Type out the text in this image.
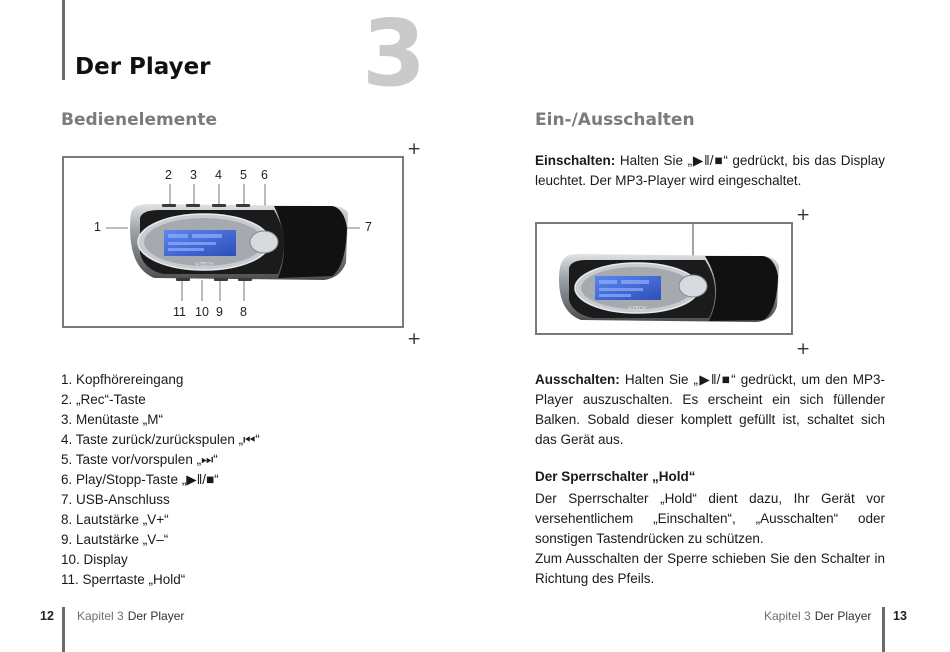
3
Der Player
Bedienelemente
+
V-TECH
2 3 4 5 6
1	7
11 10 9 8
+
1. Kopfhörereingang
2. „Rec“-Taste
3. Menütaste „M“
4. Taste zurück/zurückspulen „⏮“
5. Taste vor/vorspulen „⏭“
6. Play/Stopp-Taste „▶ǁ/■“
7. USB-Anschluss
8. Lautstärke „V+“
9. Lautstärke „V–“
10. Display
11. Sperrtaste „Hold“
Ein-/Ausschalten

Einschalten: Halten Sie „▶ǁ/■“ gedrückt, bis das Display leuchtet. Der MP3-Player wird eingeschaltet.

+
V-TECH
+

Ausschalten: Halten Sie „▶ǁ/■“ gedrückt, um den MP3-Player auszuschalten. Es erscheint ein sich füllender Balken. Sobald dieser komplett gefüllt ist, schaltet sich das Gerät aus.

Der Sperrschalter „Hold“

Der Sperrschalter „Hold“ dient dazu, Ihr Gerät vor versehentlichem „Einschalten“, „Ausschalten“ oder sonstigen Tastendrücken zu schützen.

Zum Ausschalten der Sperre schieben Sie den Schalter in Richtung des Pfeils.

12 Kapitel 3 Der Player	Kapitel 3 Der Player 13
